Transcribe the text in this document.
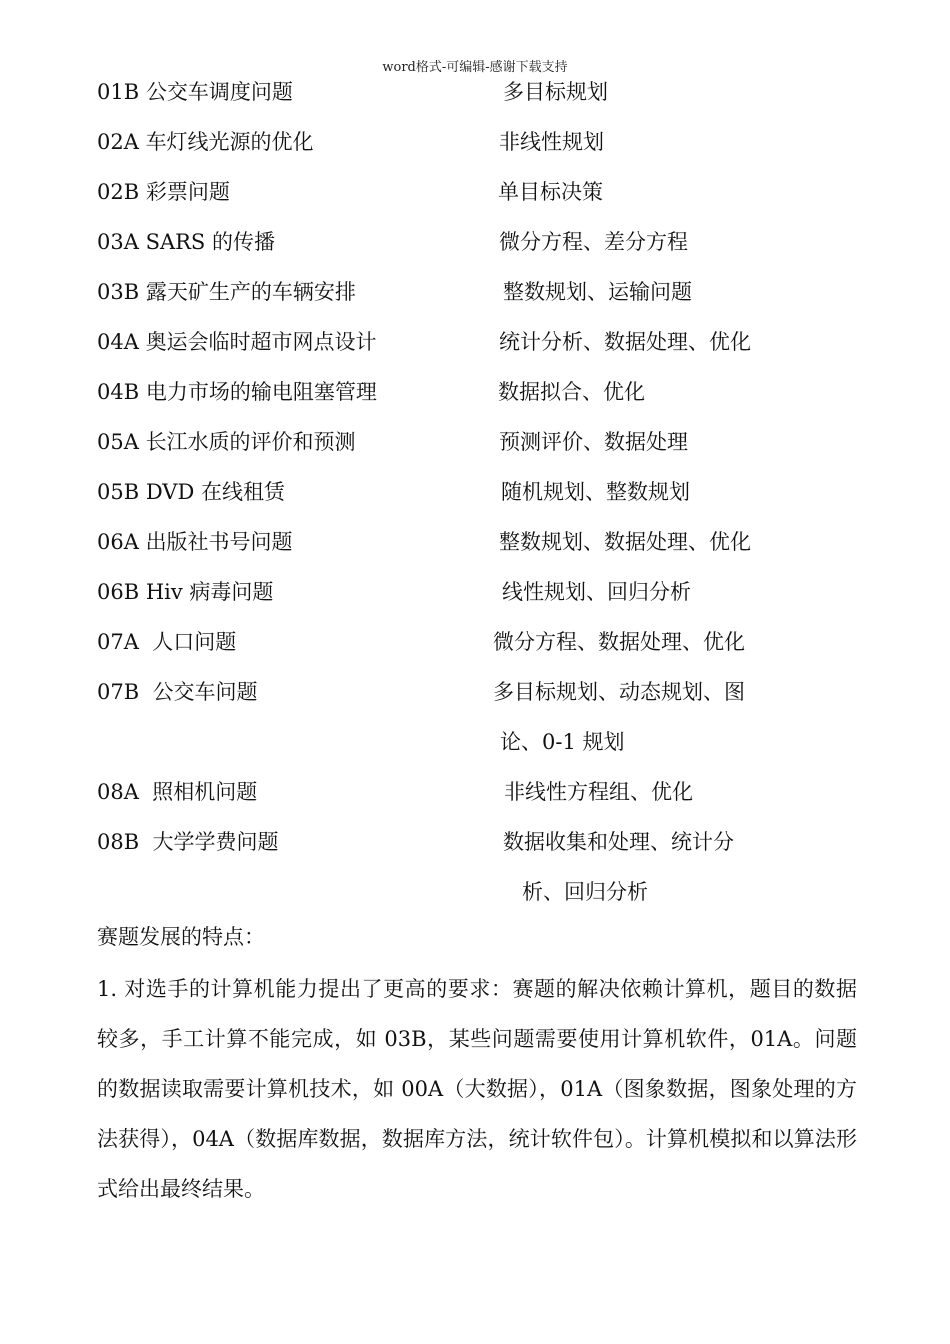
word格式-可编辑-感谢下载支持
01B 公交车调度问题	多目标规划
02A 车灯线光源的优化	非线性规划
02B 彩票问题	单目标决策
03A SARS 的传播	微分方程、差分方程
03B 露天矿生产的车辆安排	整数规划、运输问题
04A 奥运会临时超市网点设计	统计分析、数据处理、优化
04B 电力市场的输电阻塞管理	数据拟合、优化
05A 长江水质的评价和预测	预测评价、数据处理
05B DVD 在线租赁	随机规划、整数规划
06A 出版社书号问题	整数规划、数据处理、优化
06B Hiv 病毒问题	线性规划、回归分析
07A  人口问题	微分方程、数据处理、优化
07B  公交车问题	多目标规划、动态规划、图
论、0-1 规划
08A  照相机问题	非线性方程组、优化
08B  大学学费问题	数据收集和处理、统计分
析、回归分析
赛题发展的特点：
1. 对选手的计算机能力提出了更高的要求：赛题的解决依赖计算机，题目的数据较多，手工计算不能完成，如 03B，某些问题需要使用计算机软件，01A。问题的数据读取需要计算机技术，如 00A（大数据），01A（图象数据，图象处理的方法获得），04A（数据库数据，数据库方法，统计软件包）。计算机模拟和以算法形式给出最终结果。
